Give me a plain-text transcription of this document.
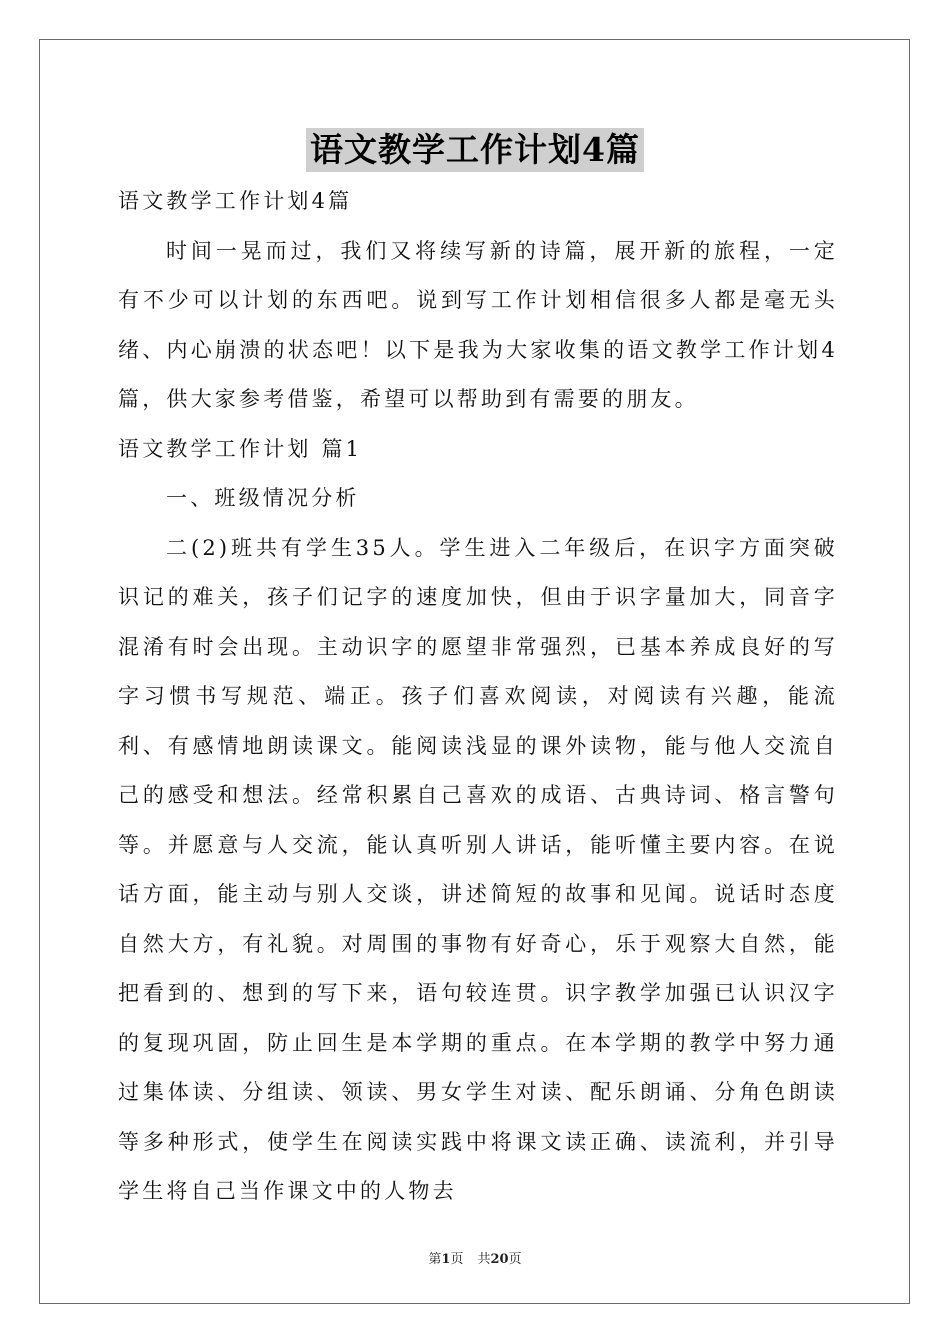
语文教学工作计划4篇

语文教学工作计划4篇

时间一晃而过，我们又将续写新的诗篇，展开新的旅程，一定有不少可以计划的东西吧。说到写工作计划相信很多人都是毫无头绪、内心崩溃的状态吧！以下是我为大家收集的语文教学工作计划4篇，供大家参考借鉴，希望可以帮助到有需要的朋友。

语文教学工作计划 篇1

一、班级情况分析

二(2)班共有学生35人。学生进入二年级后，在识字方面突破识记的难关，孩子们记字的速度加快，但由于识字量加大，同音字混淆有时会出现。主动识字的愿望非常强烈，已基本养成良好的写字习惯书写规范、端正。孩子们喜欢阅读，对阅读有兴趣，能流利、有感情地朗读课文。能阅读浅显的课外读物，能与他人交流自己的感受和想法。经常积累自己喜欢的成语、古典诗词、格言警句等。并愿意与人交流，能认真听别人讲话，能听懂主要内容。在说话方面，能主动与别人交谈，讲述简短的故事和见闻。说话时态度自然大方，有礼貌。对周围的事物有好奇心，乐于观察大自然，能把看到的、想到的写下来，语句较连贯。识字教学加强已认识汉字的复现巩固，防止回生是本学期的重点。在本学期的教学中努力通过集体读、分组读、领读、男女学生对读、配乐朗诵、分角色朗读等多种形式，使学生在阅读实践中将课文读正确、读流利，并引导学生将自己当作课文中的人物去

第1页 共20页
